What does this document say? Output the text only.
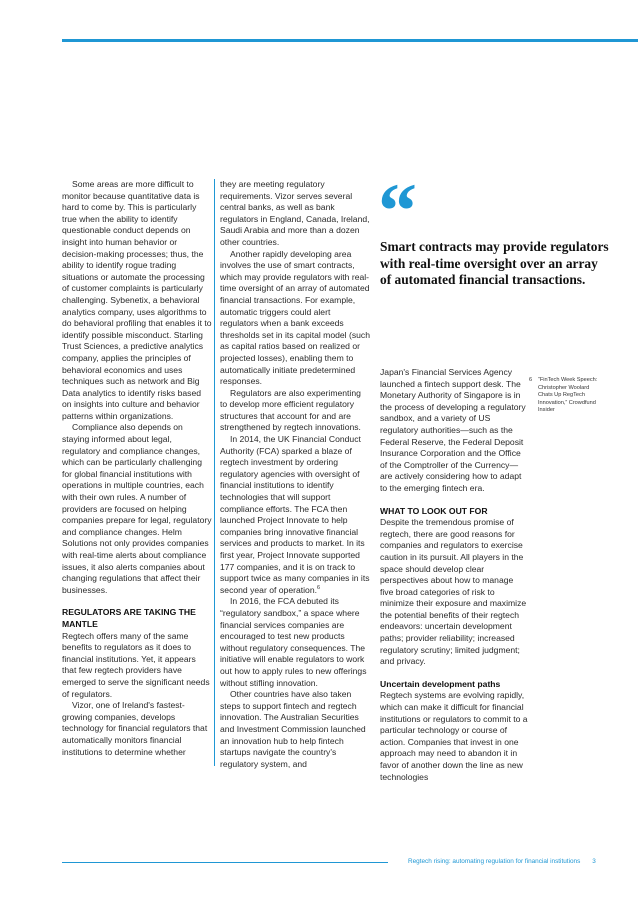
Some areas are more difficult to monitor because quantitative data is hard to come by. This is particularly true when the ability to identify questionable conduct depends on insight into human behavior or decision-making processes; thus, the ability to identify rogue trading situations or automate the processing of customer complaints is particularly challenging. Sybenetix, a behavioral analytics company, uses algorithms to do behavioral profiling that enables it to identify possible misconduct. Starling Trust Sciences, a predictive analytics company, applies the principles of behavioral economics and uses techniques such as network and Big Data analytics to identify risks based on insights into culture and behavior patterns within organizations.

Compliance also depends on staying informed about legal, regulatory and compliance changes, which can be particularly challenging for global financial institutions with operations in multiple countries, each with their own rules. A number of providers are focused on helping companies prepare for legal, regulatory and compliance changes. Helm Solutions not only provides companies with real-time alerts about compliance issues, it also alerts companies about changing regulations that affect their businesses.

REGULATORS ARE TAKING THE MANTLE

Regtech offers many of the same benefits to regulators as it does to financial institutions. Yet, it appears that few regtech providers have emerged to serve the significant needs of regulators.

Vizor, one of Ireland's fastest-growing companies, develops technology for financial regulators that automatically monitors financial institutions to determine whether

they are meeting regulatory requirements. Vizor serves several central banks, as well as bank regulators in England, Canada, Ireland, Saudi Arabia and more than a dozen other countries.

Another rapidly developing area involves the use of smart contracts, which may provide regulators with real-time oversight of an array of automated financial transactions. For example, automatic triggers could alert regulators when a bank exceeds thresholds set in its capital model (such as capital ratios based on realized or projected losses), enabling them to automatically initiate predetermined responses.

Regulators are also experimenting to develop more efficient regulatory structures that account for and are strengthened by regtech innovations.

In 2014, the UK Financial Conduct Authority (FCA) sparked a blaze of regtech investment by ordering regulatory agencies with oversight of financial institutions to identify technologies that will support compliance efforts. The FCA then launched Project Innovate to help companies bring innovative financial services and products to market. In its first year, Project Innovate supported 177 companies, and it is on track to support twice as many companies in its second year of operation.$^6$

In 2016, the FCA debuted its “regulatory sandbox,” a space where financial services companies are encouraged to test new products without regulatory consequences. The initiative will enable regulators to work out how to apply rules to new offerings without stifling innovation.

Other countries have also taken steps to support fintech and regtech innovation. The Australian Securities and Investment Commission launched an innovation hub to help fintech startups navigate the country's regulatory system, and

“

Smart contracts may provide regulators with real-time oversight over an array of automated financial transactions.

Japan's Financial Services Agency launched a fintech support desk. The Monetary Authority of Singapore is in the process of developing a regulatory sandbox, and a variety of US regulatory authorities—such as the Federal Reserve, the Federal Deposit Insurance Corporation and the Office of the Comptroller of the Currency—are actively considering how to adapt to the emerging fintech era.

WHAT TO LOOK OUT FOR

Despite the tremendous promise of regtech, there are good reasons for companies and regulators to exercise caution in its pursuit. All players in the space should develop clear perspectives about how to manage five broad categories of risk to minimize their exposure and maximize the potential benefits of their regtech endeavors: uncertain development paths; provider reliability; increased regulatory scrutiny; limited judgment; and privacy.

Uncertain development paths

Regtech systems are evolving rapidly, which can make it difficult for financial institutions or regulators to commit to a particular technology or course of action. Companies that invest in one approach may need to abandon it in favor of another down the line as new technologies

6 “FinTech Week Speech: Christopher Woolard Chats Up RegTech Innovation,” Crowdfund Insider
Regtech rising: automating regulation for financial institutions 3
